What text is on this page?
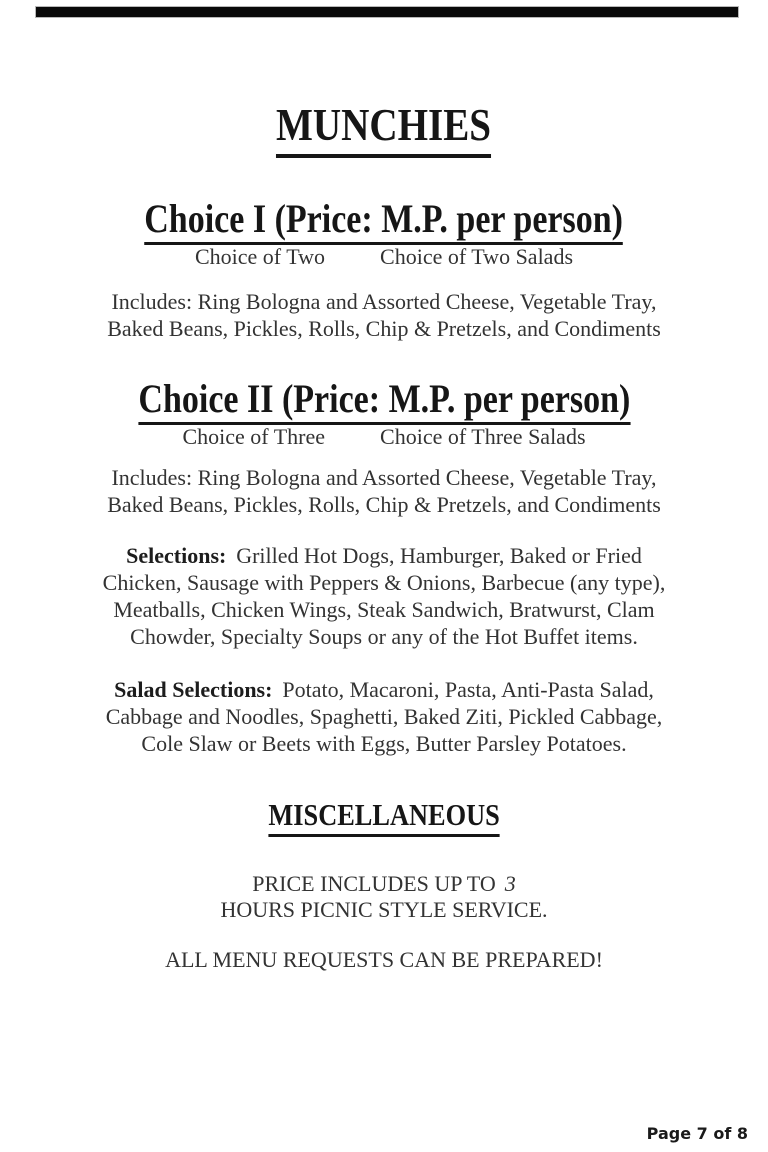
MUNCHIES
Choice I (Price: M.P. per person)
Choice of Two	Choice of Two Salads
Includes: Ring Bologna and Assorted Cheese, Vegetable Tray,
Baked Beans, Pickles, Rolls, Chip & Pretzels, and Condiments
Choice II (Price: M.P. per person)
Choice of Three	Choice of Three Salads
Includes: Ring Bologna and Assorted Cheese, Vegetable Tray,
Baked Beans, Pickles, Rolls, Chip & Pretzels, and Condiments
Selections: Grilled Hot Dogs, Hamburger, Baked or Fried
Chicken, Sausage with Peppers & Onions, Barbecue (any type),
Meatballs, Chicken Wings, Steak Sandwich, Bratwurst, Clam
Chowder, Specialty Soups or any of the Hot Buffet items.
Salad Selections: Potato, Macaroni, Pasta, Anti-Pasta Salad,
Cabbage and Noodles, Spaghetti, Baked Ziti, Pickled Cabbage,
Cole Slaw or Beets with Eggs, Butter Parsley Potatoes.
MISCELLANEOUS
PRICE INCLUDES UP TO 3
HOURS PICNIC STYLE SERVICE.
ALL MENU REQUESTS CAN BE PREPARED!
Page 7 of 8
